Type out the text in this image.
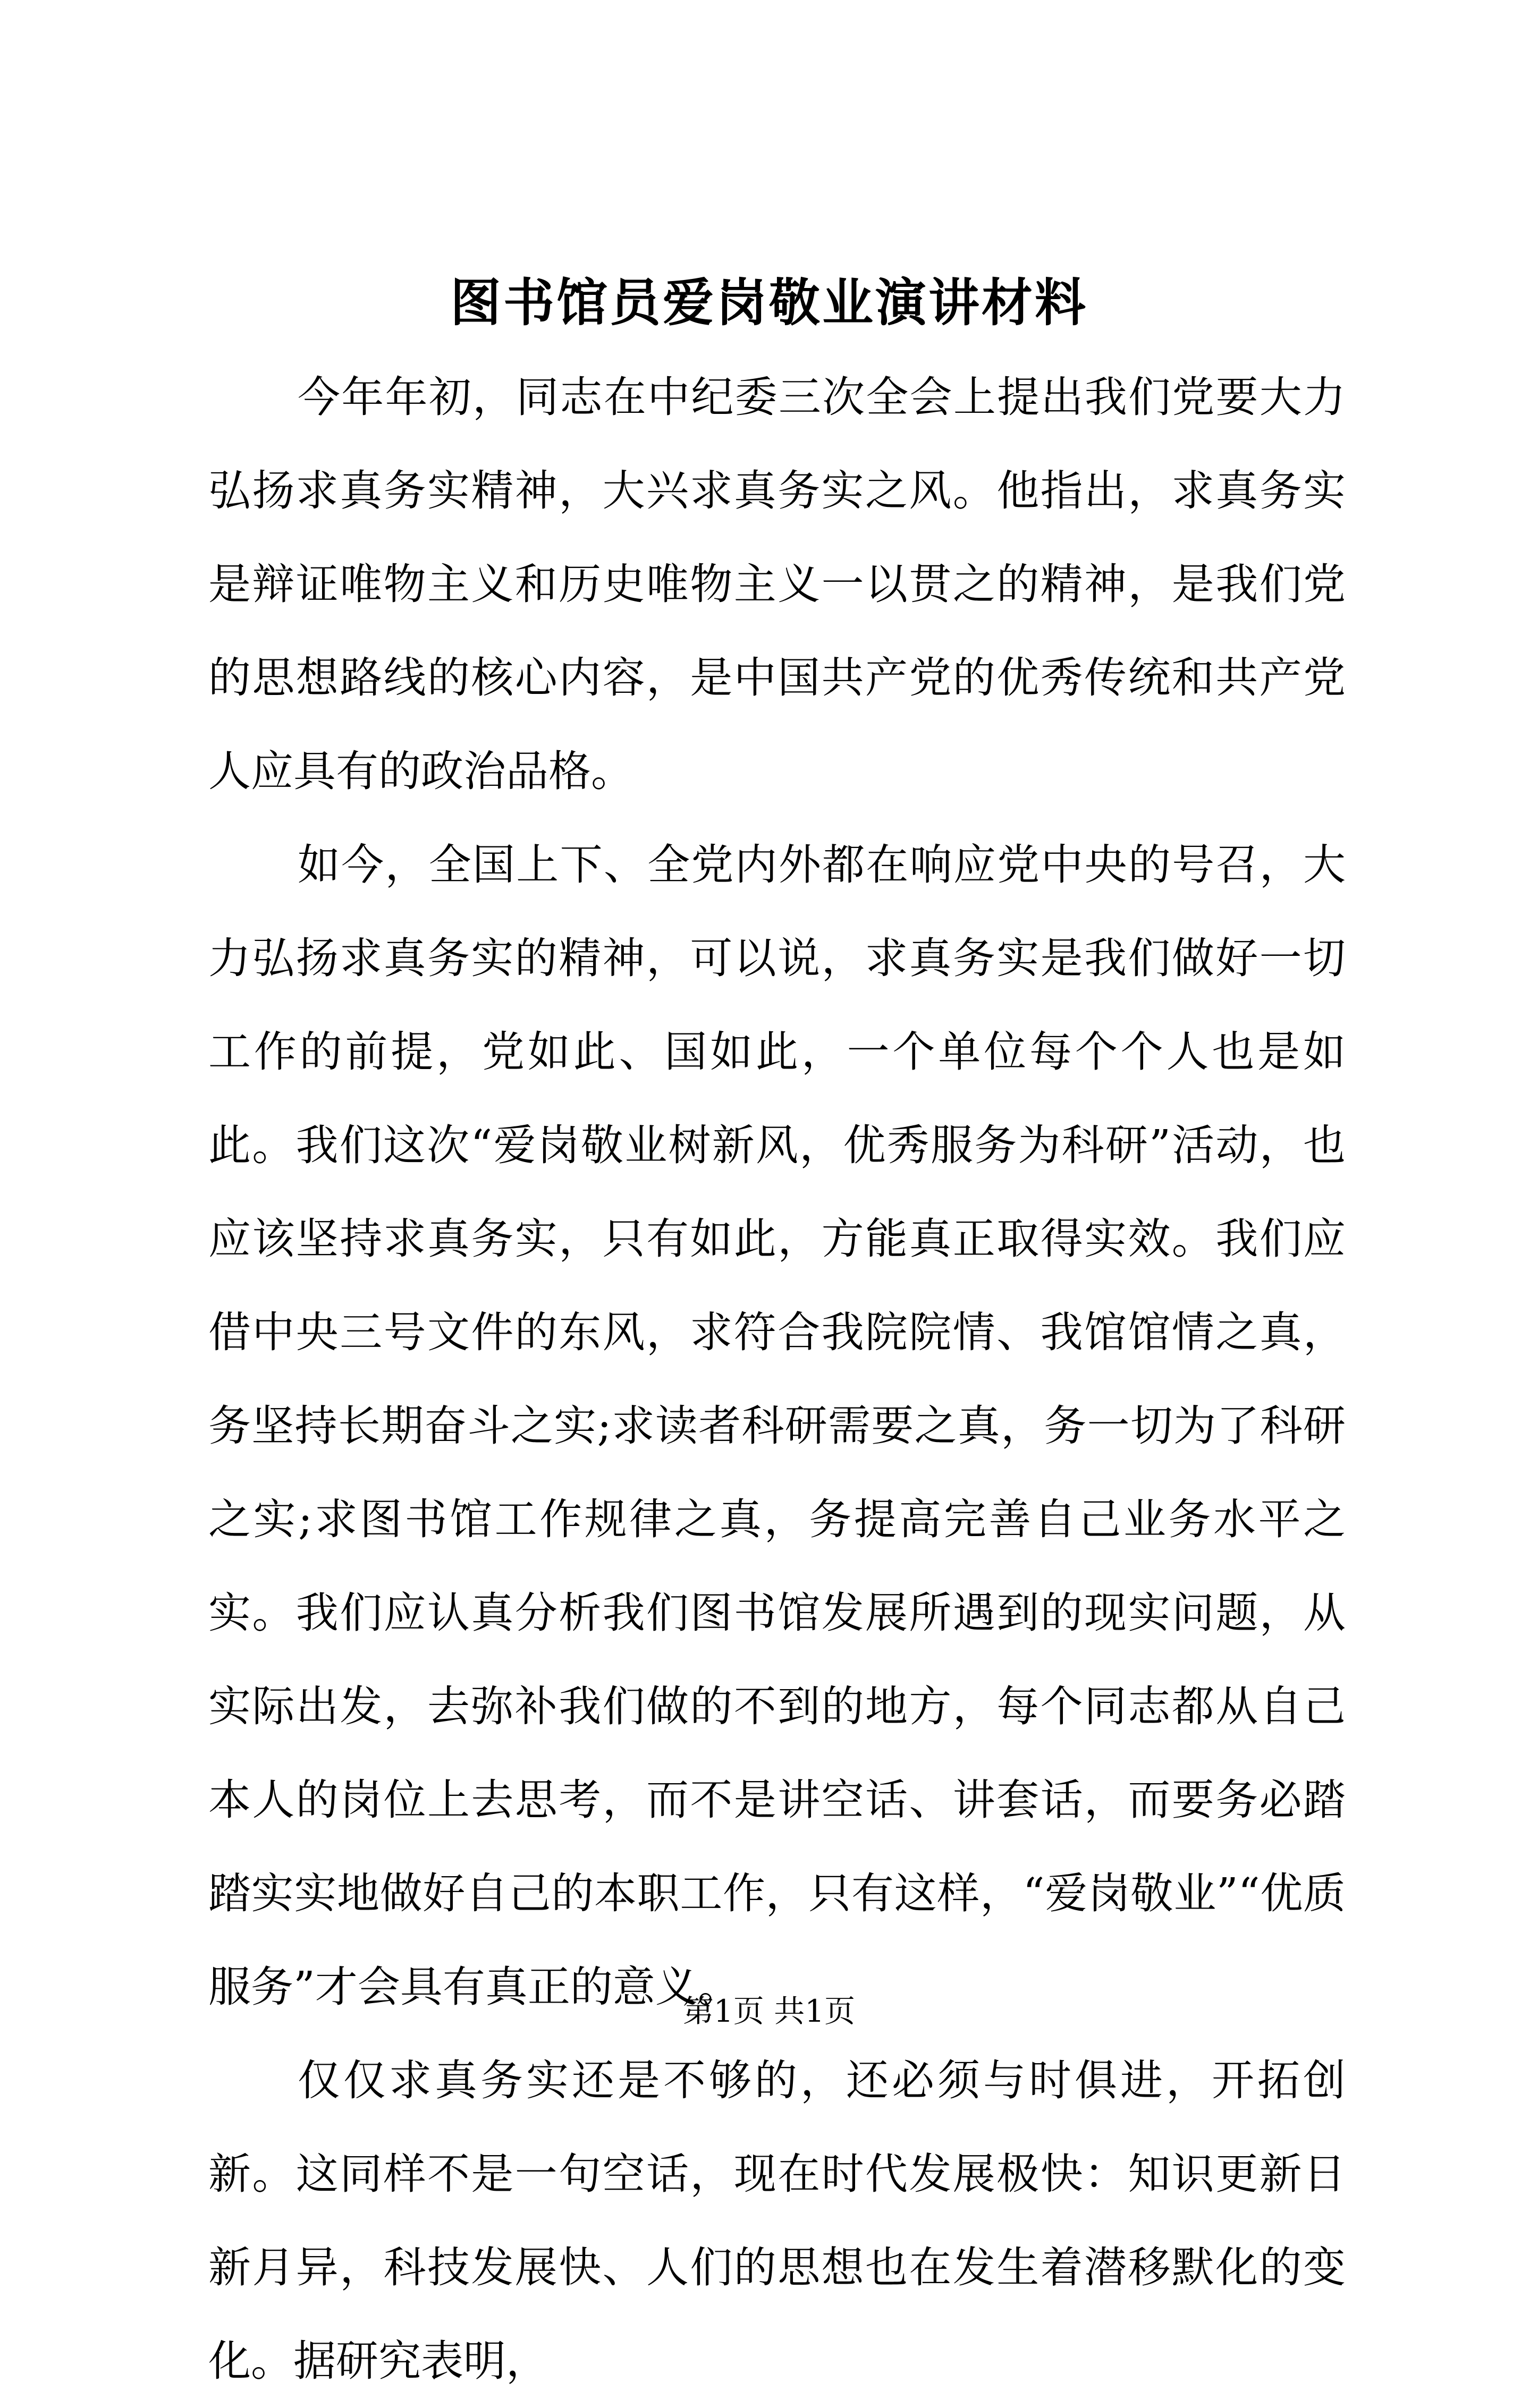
图书馆员爱岗敬业演讲材料

今年年初，同志在中纪委三次全会上提出我们党要大力弘扬求真务实精神，大兴求真务实之风。他指出，求真务实是辩证唯物主义和历史唯物主义一以贯之的精神，是我们党的思想路线的核心内容，是中国共产党的优秀传统和共产党人应具有的政治品格。

如今，全国上下、全党内外都在响应党中央的号召，大力弘扬求真务实的精神，可以说，求真务实是我们做好一切工作的前提，党如此、国如此，一个单位每个个人也是如此。我们这次“爱岗敬业树新风，优秀服务为科研”活动，也应该坚持求真务实，只有如此，方能真正取得实效。我们应借中央三号文件的东风，求符合我院院情、我馆馆情之真，务坚持长期奋斗之实;求读者科研需要之真，务一切为了科研之实;求图书馆工作规律之真，务提高完善自己业务水平之实。我们应认真分析我们图书馆发展所遇到的现实问题，从实际出发，去弥补我们做的不到的地方，每个同志都从自己本人的岗位上去思考，而不是讲空话、讲套话，而要务必踏踏实实地做好自己的本职工作，只有这样，“爱岗敬业”“优质服务”才会具有真正的意义。

仅仅求真务实还是不够的，还必须与时俱进，开拓创新。这同样不是一句空话，现在时代发展极快：知识更新日新月异，科技发展快、人们的思想也在发生着潜移默化的变化。据研究表明，

第1页 共1页
